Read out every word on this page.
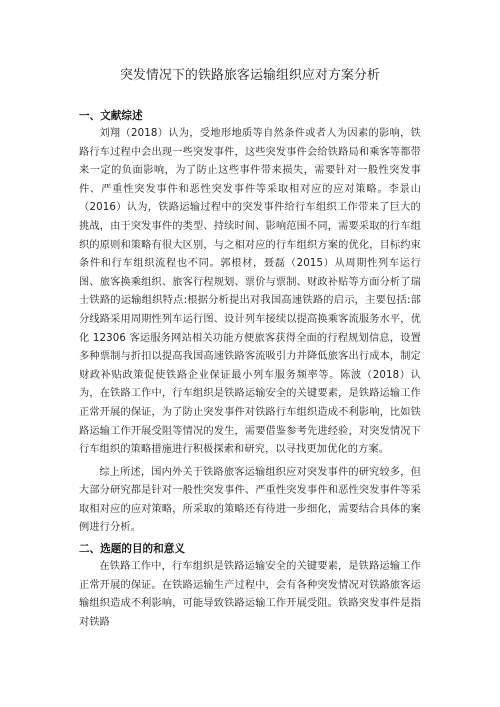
突发情况下的铁路旅客运输组织应对方案分析
一、文献综述

刘翔（2018）认为，受地形地质等自然条件或者人为因素的影响，铁路行车过程中会出现一些突发事件，这些突发事件会给铁路局和乘客等都带来一定的负面影响，为了防止这些事件带来损失，需要针对一般性突发事件、严重性突发事件和恶性突发事件等采取相对应的应对策略。李景山（2016）认为，铁路运输过程中的突发事件给行车组织工作带来了巨大的挑战，由于突发事件的类型、持续时间、影响范围不同，需要采取的行车组织的原则和策略有很大区别，与之相对应的行车组织方案的优化，目标约束条件和行车组织流程也不同。郭根材，聂磊（2015）从周期性列车运行图、旅客换乘组织、旅客行程规划、票价与票制、财政补贴等方面分析了瑞士铁路的运输组织特点:根据分析提出对我国高速铁路的启示，主要包括:部分线路采用周期性列车运行图、设计列车接续以提高换乘客流服务水平，优化 12306 客运服务网站相关功能方便旅客获得全面的行程规划信息，设置多种票制与折扣以提高我国高速铁路客流吸引力并降低旅客出行成本，制定财政补贴政策促使铁路企业保证最小列车服务频率等。陈波（2018）认为，在铁路工作中，行车组织是铁路运输安全的关键要素，是铁路运输工作正常开展的保证，为了防止突发事件对铁路行车组织造成不利影响，比如铁路运输工作开展受阻等情况的发生，需要借鉴参考先进经验，对突发情况下行车组织的策略措施进行积极探索和研究，以寻找更加优化的方案。

综上所述，国内外关于铁路旅客运输组织应对突发事件的研究较多，但大部分研究都是针对一般性突发事件、严重性突发事件和恶性突发事件等采取相对应的应对策略，所采取的策略还有待进一步细化，需要结合具体的案例进行分析。

二、选题的目的和意义

在铁路工作中，行车组织是铁路运输安全的关键要素，是铁路运输工作正常开展的保证。在铁路运输生产过程中，会有各种突发情况对铁路旅客运输组织造成不利影响，可能导致铁路运输工作开展受阻。铁路突发事件是指对铁路
